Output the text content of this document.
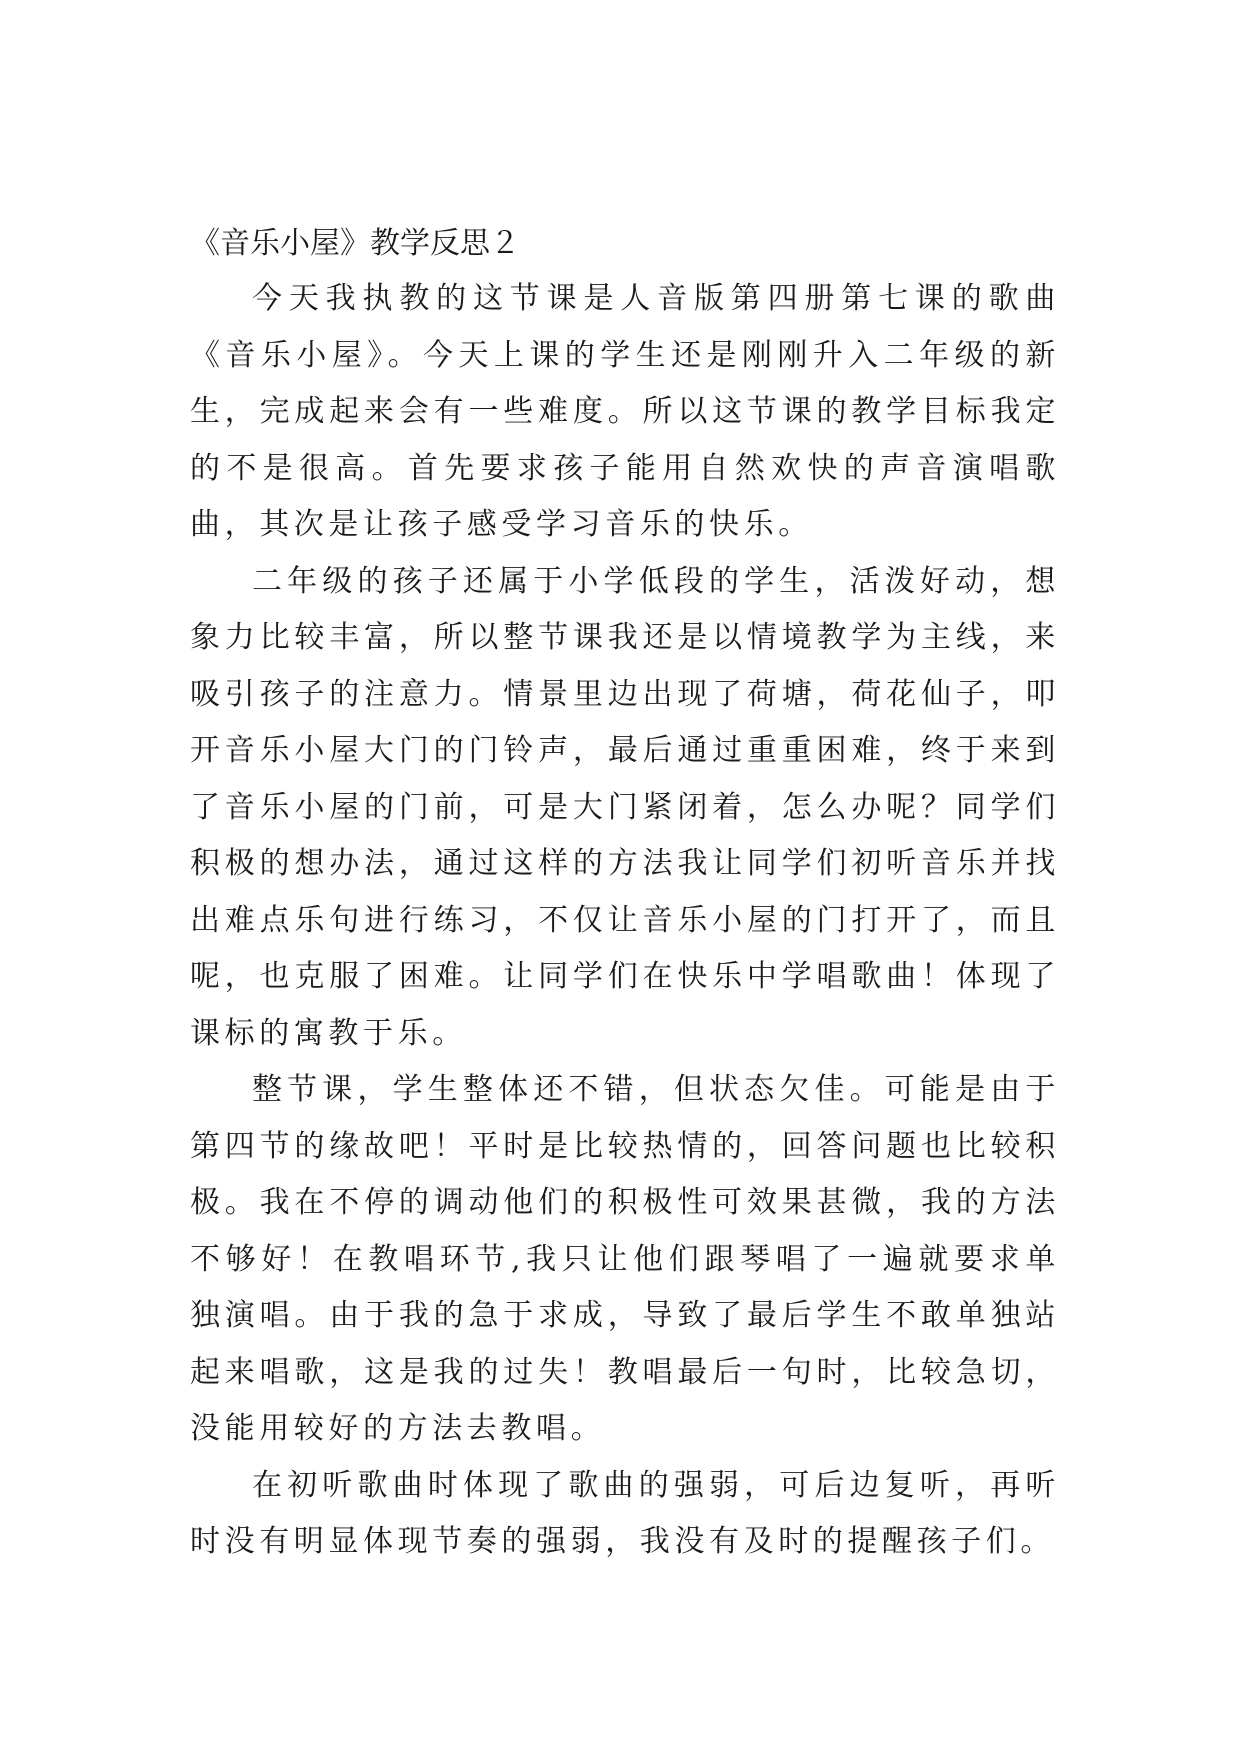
《音乐小屋》教学反思２

今天我执教的这节课是人音版第四册第七课的歌曲《音乐小屋》。今天上课的学生还是刚刚升入二年级的新生，完成起来会有一些难度。所以这节课的教学目标我定的不是很高。首先要求孩子能用自然欢快的声音演唱歌曲，其次是让孩子感受学习音乐的快乐。

二年级的孩子还属于小学低段的学生，活泼好动，想象力比较丰富，所以整节课我还是以情境教学为主线，来吸引孩子的注意力。情景里边出现了荷塘，荷花仙子，叩开音乐小屋大门的门铃声，最后通过重重困难，终于来到了音乐小屋的门前，可是大门紧闭着，怎么办呢？同学们积极的想办法，通过这样的方法我让同学们初听音乐并找出难点乐句进行练习，不仅让音乐小屋的门打开了，而且呢，也克服了困难。让同学们在快乐中学唱歌曲！体现了课标的寓教于乐。

整节课，学生整体还不错，但状态欠佳。可能是由于第四节的缘故吧！平时是比较热情的，回答问题也比较积极。我在不停的调动他们的积极性可效果甚微，我的方法不够好！在教唱环节,我只让他们跟琴唱了一遍就要求单独演唱。由于我的急于求成，导致了最后学生不敢单独站起来唱歌，这是我的过失！教唱最后一句时，比较急切，没能用较好的方法去教唱。

在初听歌曲时体现了歌曲的强弱，可后边复听，再听时没有明显体现节奏的强弱，我没有及时的提醒孩子们。
